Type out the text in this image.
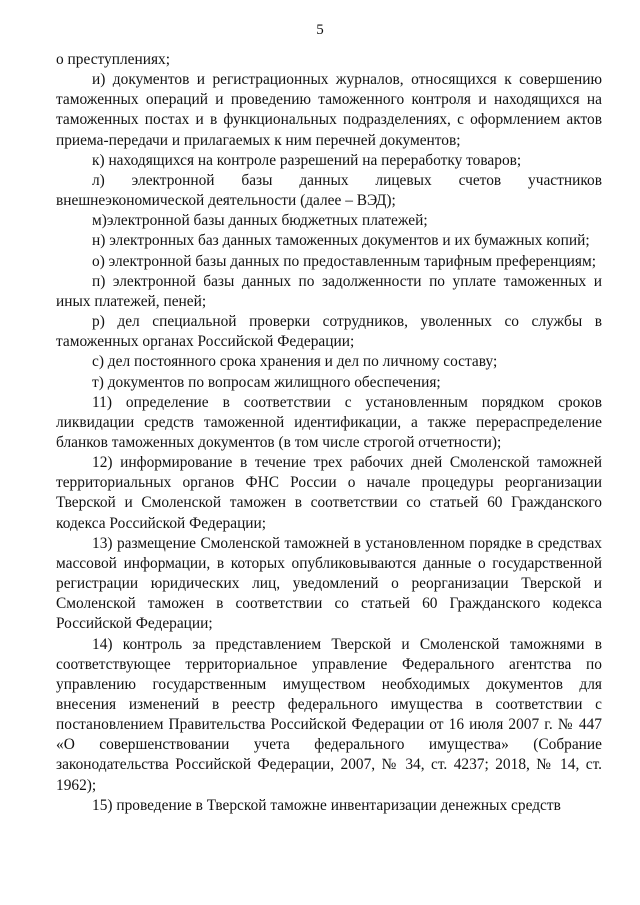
5

о преступлениях;

и) документов и регистрационных журналов, относящихся к совершению таможенных операций и проведению таможенного контроля и находящихся на таможенных постах и в функциональных подразделениях, с оформлением актов приема-передачи и прилагаемых к ним перечней документов;

к) находящихся на контроле разрешений на переработку товаров;

л) электронной базы данных лицевых счетов участников внешнеэкономической деятельности (далее – ВЭД);

м)электронной базы данных бюджетных платежей;

н) электронных баз данных таможенных документов и их бумажных копий;

о) электронной базы данных по предоставленным тарифным преференциям;

п) электронной базы данных по задолженности по уплате таможенных и иных платежей, пеней;

р) дел специальной проверки сотрудников, уволенных со службы в таможенных органах Российской Федерации;

с) дел постоянного срока хранения и дел по личному составу;

т) документов по вопросам жилищного обеспечения;

11) определение в соответствии с установленным порядком сроков ликвидации средств таможенной идентификации, а также перераспределение бланков таможенных документов (в том числе строгой отчетности);

12) информирование в течение трех рабочих дней Смоленской таможней территориальных органов ФНС России о начале процедуры реорганизации Тверской и Смоленской таможен в соответствии со статьей 60 Гражданского кодекса Российской Федерации;

13) размещение Смоленской таможней в установленном порядке в средствах массовой информации, в которых опубликовываются данные о государственной регистрации юридических лиц, уведомлений о реорганизации Тверской и Смоленской таможен в соответствии со статьей 60 Гражданского кодекса Российской Федерации;

14) контроль за представлением Тверской и Смоленской таможнями в соответствующее территориальное управление Федерального агентства по управлению государственным имуществом необходимых документов для внесения изменений в реестр федерального имущества в соответствии с постановлением Правительства Российской Федерации от 16 июля 2007 г. № 447 «О совершенствовании учета федерального имущества» (Собрание законодательства Российской Федерации, 2007, № 34, ст. 4237; 2018, № 14, ст. 1962);

15) проведение в Тверской таможне инвентаризации денежных средств
